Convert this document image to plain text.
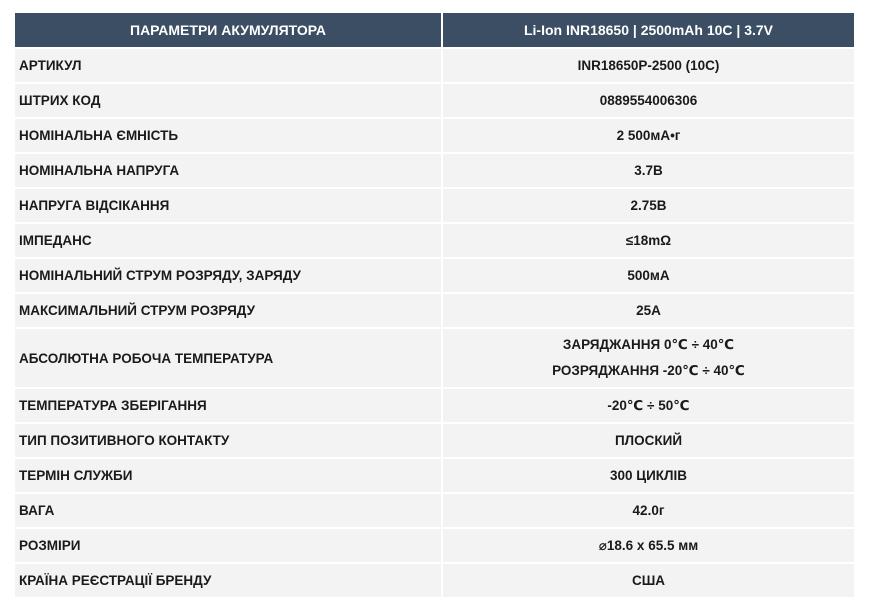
ПАРАМЕТРИ АКУМУЛЯТОРА	Li-Ion INR18650 | 2500mAh 10C | 3.7V
АРТИКУЛ	INR18650P-2500 (10C)
ШТРИХ КОД	0889554006306
НОМІНАЛЬНА ЄМНІСТЬ	2 500мА•г
НОМІНАЛЬНА НАПРУГА	3.7В
НАПРУГА ВІДСІКАННЯ	2.75В
ІМПЕДАНС	≤18mΩ
НОМІНАЛЬНИЙ СТРУМ РОЗРЯДУ, ЗАРЯДУ	500мА
МАКСИМАЛЬНИЙ СТРУМ РОЗРЯДУ	25А
АБСОЛЮТНА РОБОЧА ТЕМПЕРАТУРА	ЗАРЯДЖАННЯ 0℃ ÷ 40℃
РОЗРЯДЖАННЯ -20℃ ÷ 40℃

ТЕМПЕРАТУРА ЗБЕРІГАННЯ	-20℃ ÷ 50℃
ТИП ПОЗИТИВНОГО КОНТАКТУ	ПЛОСКИЙ
ТЕРМІН СЛУЖБИ	300 ЦИКЛІВ
ВАГА	42.0г
РОЗМІРИ	⌀18.6 x 65.5 мм
КРАЇНА РЕЄСТРАЦІЇ БРЕНДУ	США
